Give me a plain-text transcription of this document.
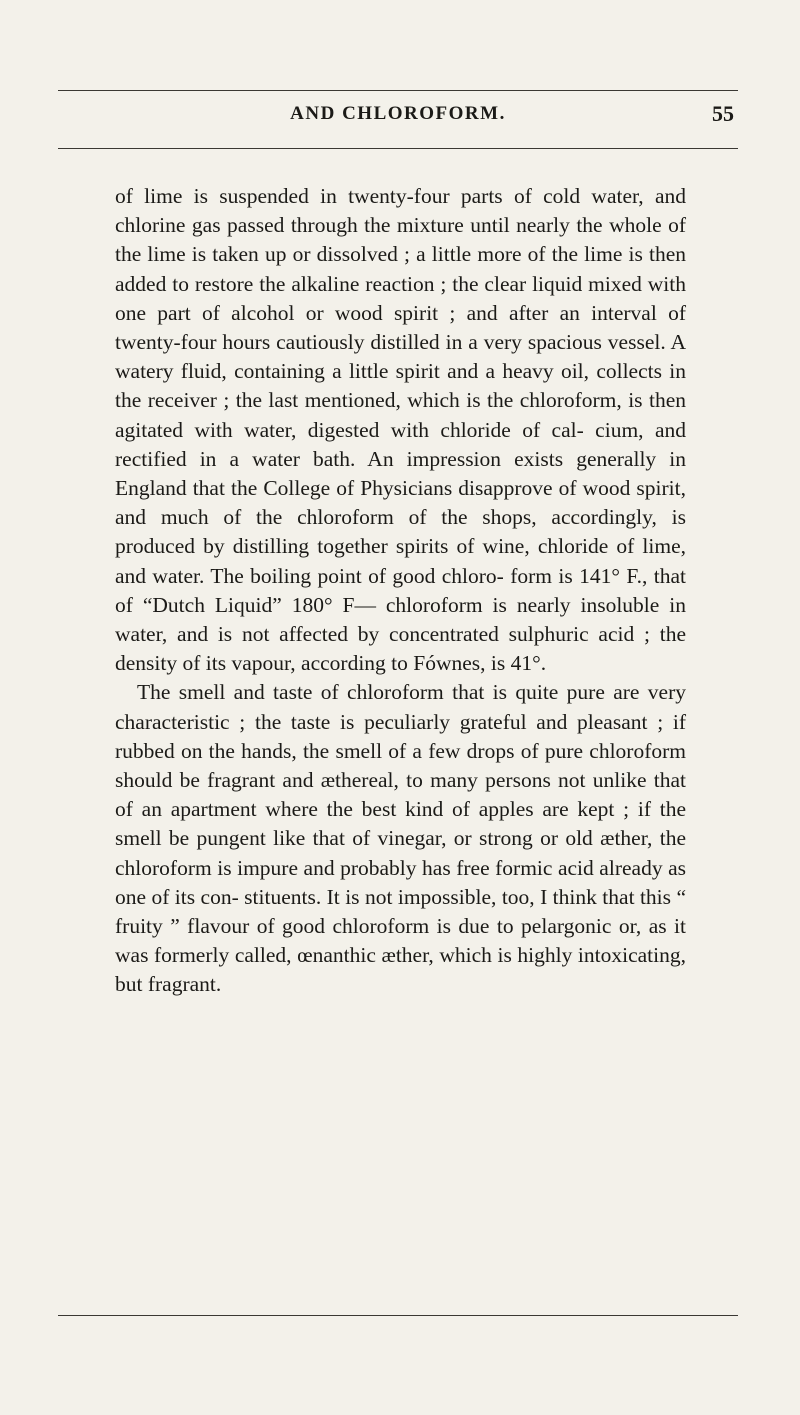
AND CHLOROFORM.	55

of lime is suspended in twenty-four parts of cold water, and chlorine gas passed through the mixture until nearly the whole of the lime is taken up or dissolved ; a little more of the lime is then added to restore the alkaline reaction ; the clear liquid mixed with one part of alcohol or wood spirit ; and after an interval of twenty-four hours cautiously distilled in a very spacious vessel. A watery fluid, containing a little spirit and a heavy oil, collects in the receiver ; the last mentioned, which is the chloroform, is then agitated with water, digested with chloride of cal- cium, and rectified in a water bath. An impression exists generally in England that the College of Physicians disapprove of wood spirit, and much of the chloroform of the shops, accordingly, is produced by distilling together spirits of wine, chloride of lime, and water. The boiling point of good chloro- form is 141° F., that of “Dutch Liquid” 180° F— chloroform is nearly insoluble in water, and is not affected by concentrated sulphuric acid ; the density of its vapour, according to Fównes, is 41°.

The smell and taste of chloroform that is quite pure are very characteristic ; the taste is peculiarly grateful and pleasant ; if rubbed on the hands, the smell of a few drops of pure chloroform should be fragrant and æthereal, to many persons not unlike that of an apartment where the best kind of apples are kept ; if the smell be pungent like that of vinegar, or strong or old æther, the chloroform is impure and probably has free formic acid already as one of its con- stituents. It is not impossible, too, I think that this “ fruity ” flavour of good chloroform is due to pelargonic or, as it was formerly called, œnanthic æther, which is highly intoxicating, but fragrant.
